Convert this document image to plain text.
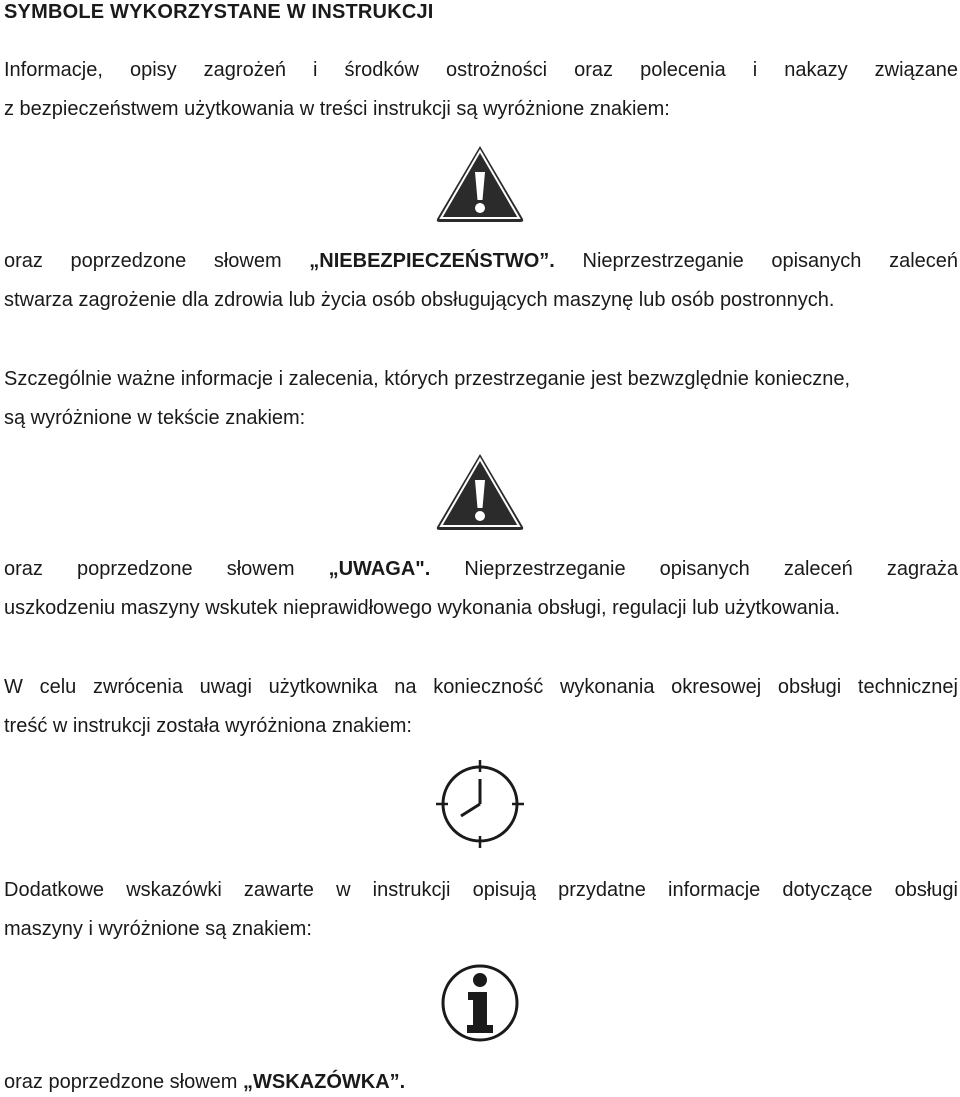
SYMBOLE WYKORZYSTANE W INSTRUKCJI
Informacje, opisy zagrożeń i środków ostrożności oraz polecenia i nakazy związane
z bezpieczeństwem użytkowania w treści instrukcji są wyróżnione znakiem:
oraz poprzedzone słowem „NIEBEZPIECZEŃSTWO”. Nieprzestrzeganie opisanych zaleceń
stwarza zagrożenie dla zdrowia lub życia osób obsługujących maszynę lub osób postronnych.
Szczególnie ważne informacje i zalecenia, których przestrzeganie jest bezwzględnie konieczne,
są wyróżnione w tekście znakiem:
oraz poprzedzone słowem „UWAGA". Nieprzestrzeganie opisanych zaleceń zagraża
uszkodzeniu maszyny wskutek nieprawidłowego wykonania obsługi, regulacji lub użytkowania.
W celu zwrócenia uwagi użytkownika na konieczność wykonania okresowej obsługi technicznej
treść w instrukcji została wyróżniona znakiem:
Dodatkowe wskazówki zawarte w instrukcji opisują przydatne informacje dotyczące obsługi
maszyny i wyróżnione są znakiem:
oraz poprzedzone słowem „WSKAZÓWKA”.
